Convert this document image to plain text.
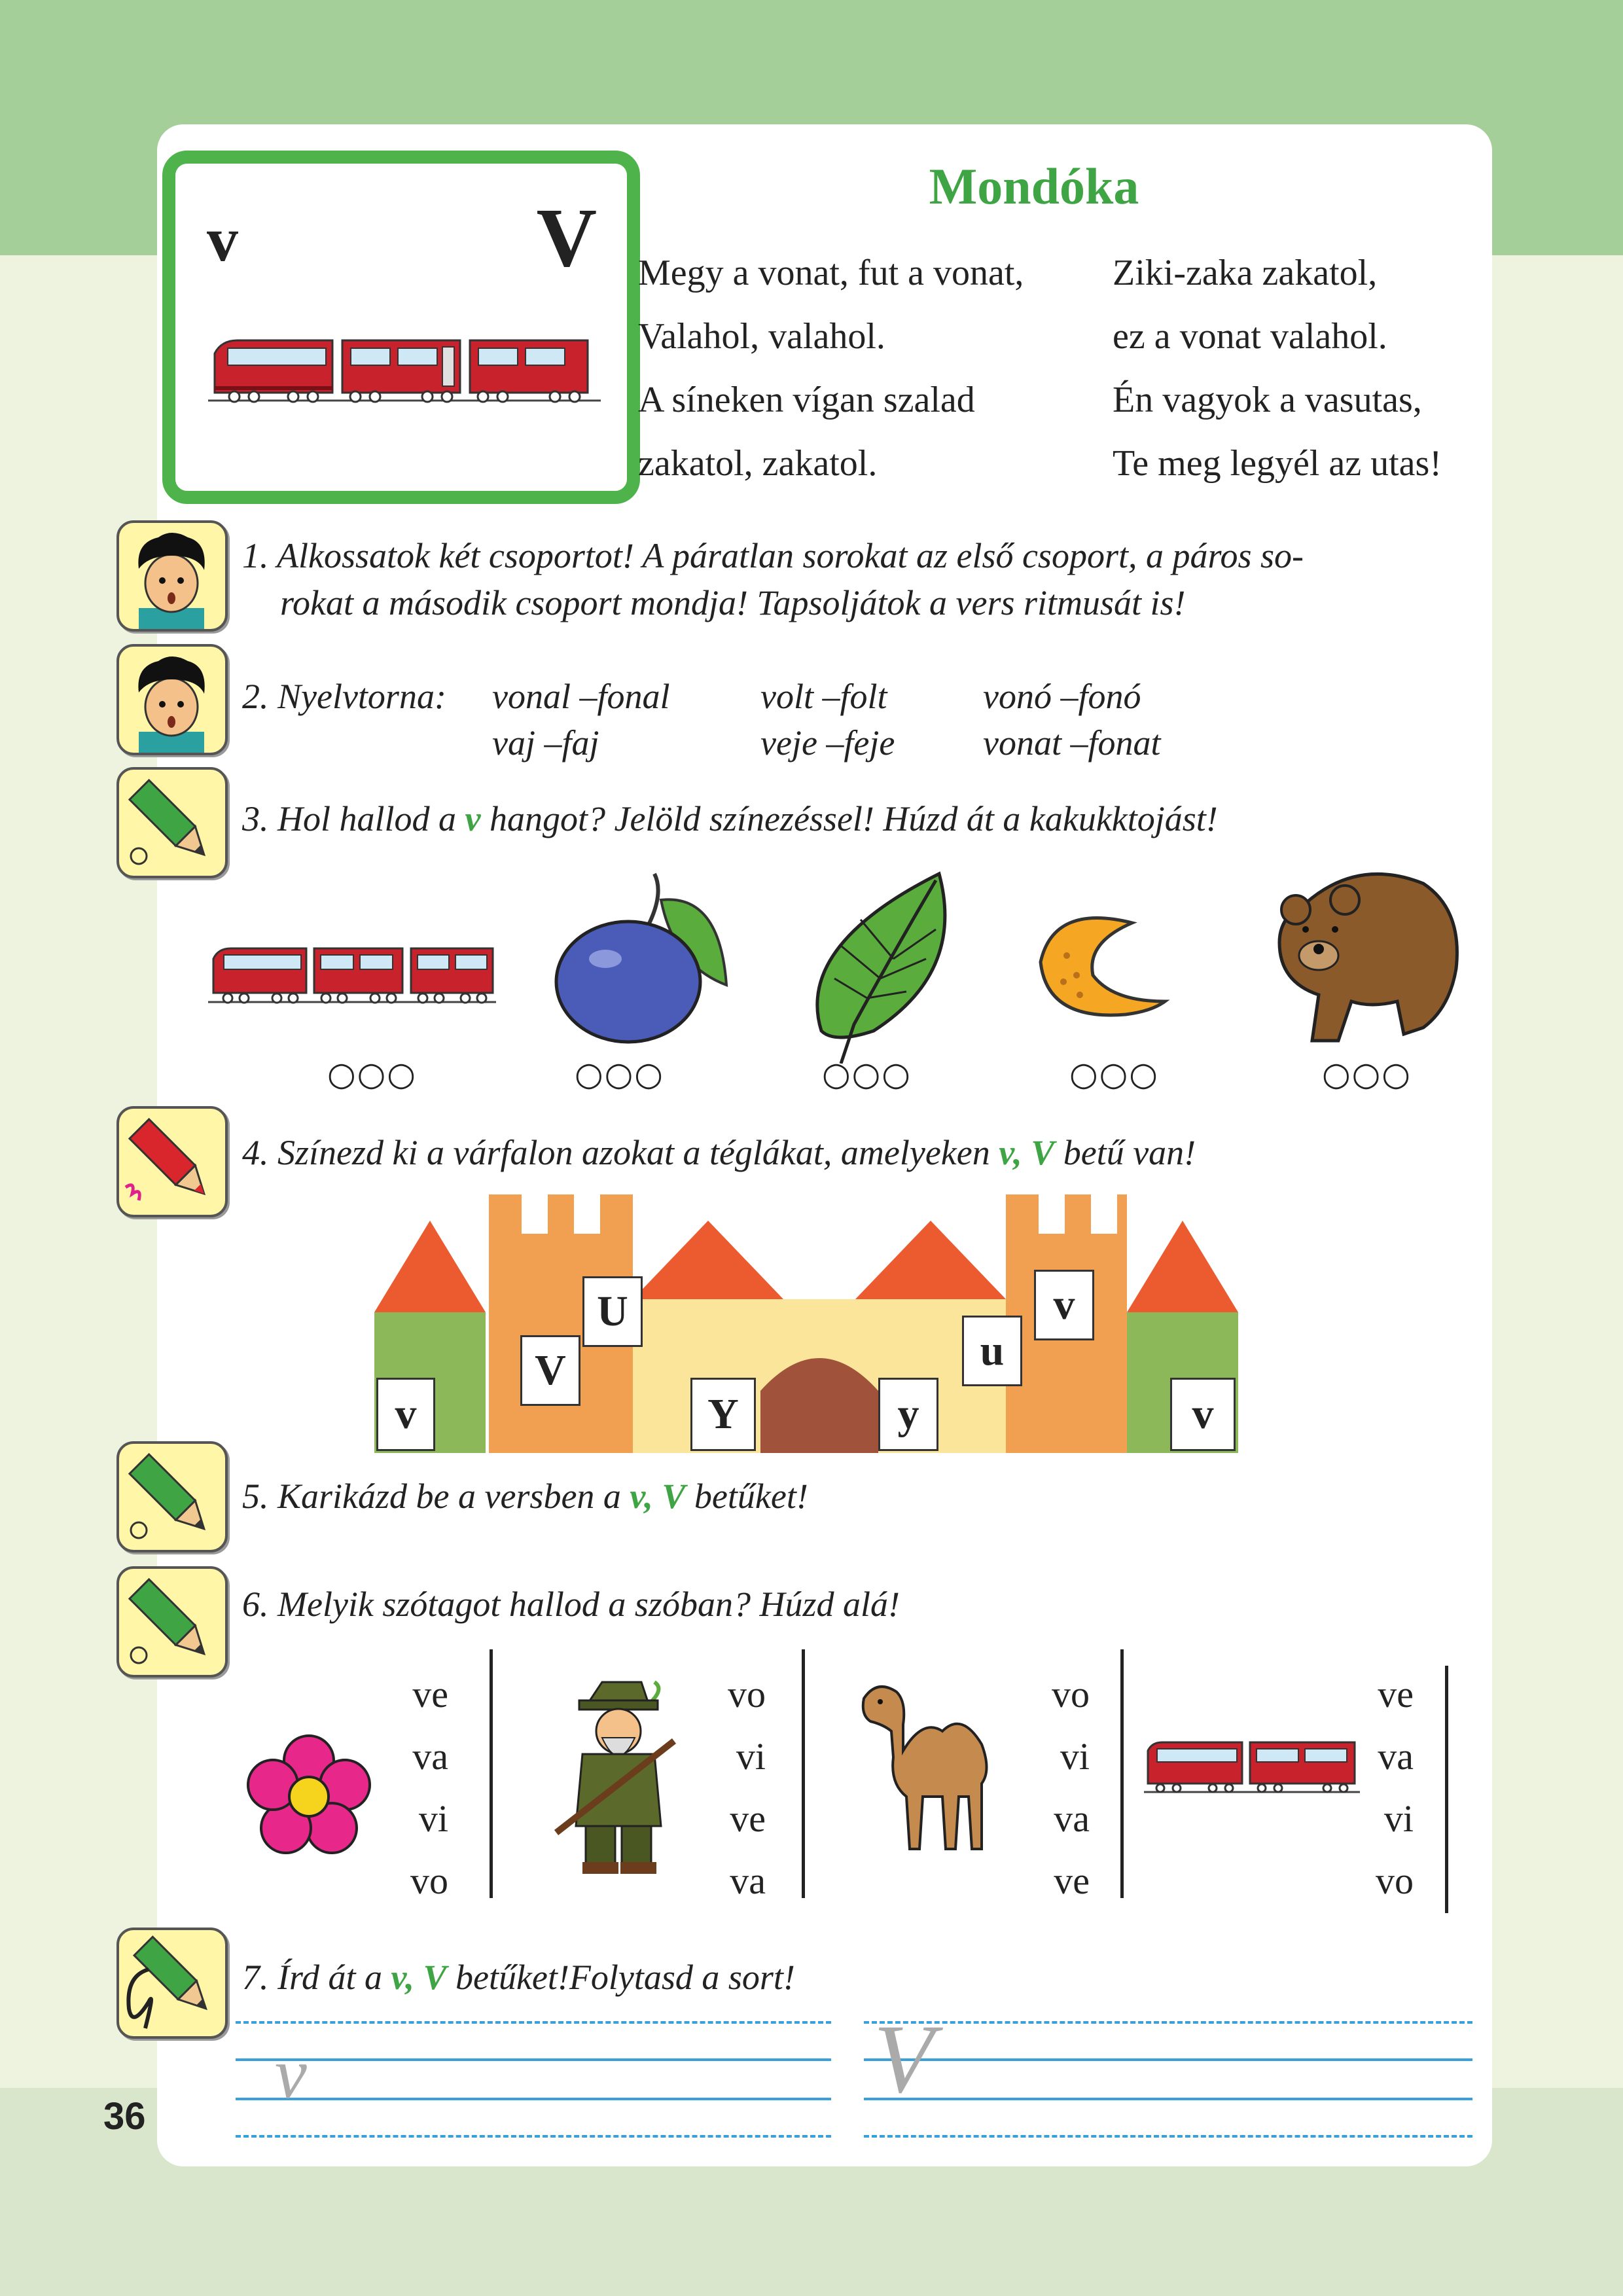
v	V
Mondóka
Megy a vonat, fut a vonat,
Valahol, valahol.
A síneken vígan szalad
zakatol, zakatol.
Ziki-zaka zakatol,
ez a vonat valahol.
Én vagyok a vasutas,
Te meg legyél az utas!
1. Alkossatok két csoportot! A páratlan sorokat az első csoport, a páros so-
rokat a második csoport mondja! Tapsoljátok a vers ritmusát is!
2. Nyelvtorna: vonal –fonal	volt –folt	vonó –fonó
vaj –faj	veje –feje vonat –fonat
3. Hol hallod a v hangot? Jelöld színezéssel! Húzd át a kakukktojást!
○○○	○○○	○○○	○○○	○○○
4. Színezd ki a várfalon azokat a téglákat, amelyeken v, V betű van!
v
V
U
Y	y
u
v
v
5. Karikázd be a versben a v, V betűket!
6. Melyik szótagot hallod a szóban? Húzd alá!
ve
va
vi
vo
vo
vi
ve
va
vo
vi
va
ve
ve
va
vi
vo
7. Írd át a v, V betűket!Folytasd a sort!
v	V
36
